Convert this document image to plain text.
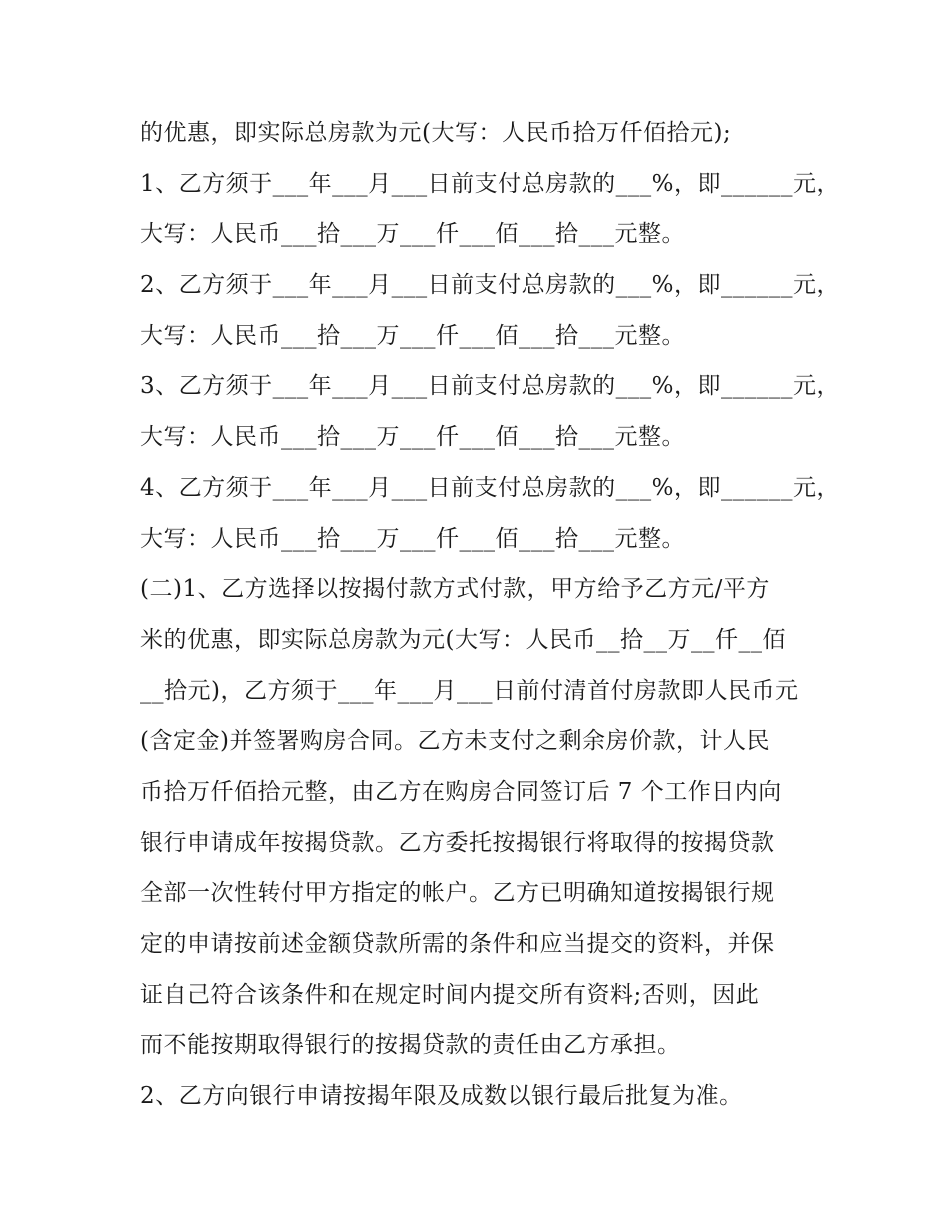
的优惠，即实际总房款为元(大写：人民币拾万仟佰拾元);
1、乙方须于___年___月___日前支付总房款的___%，即______元，
大写：人民币___拾___万___仟___佰___拾___元整。
2、乙方须于___年___月___日前支付总房款的___%，即______元，
大写：人民币___拾___万___仟___佰___拾___元整。
3、乙方须于___年___月___日前支付总房款的___%，即______元，
大写：人民币___拾___万___仟___佰___拾___元整。
4、乙方须于___年___月___日前支付总房款的___%，即______元，
大写：人民币___拾___万___仟___佰___拾___元整。
(二)1、乙方选择以按揭付款方式付款，甲方给予乙方元/平方
米的优惠，即实际总房款为元(大写：人民币__拾__万__仟__佰
__拾元)，乙方须于___年___月___日前付清首付房款即人民币元
(含定金)并签署购房合同。乙方未支付之剩余房价款，计人民
币拾万仟佰拾元整，由乙方在购房合同签订后 7 个工作日内向
银行申请成年按揭贷款。乙方委托按揭银行将取得的按揭贷款
全部一次性转付甲方指定的帐户。乙方已明确知道按揭银行规
定的申请按前述金额贷款所需的条件和应当提交的资料，并保
证自己符合该条件和在规定时间内提交所有资料;否则，因此
而不能按期取得银行的按揭贷款的责任由乙方承担。
2、乙方向银行申请按揭年限及成数以银行最后批复为准。
